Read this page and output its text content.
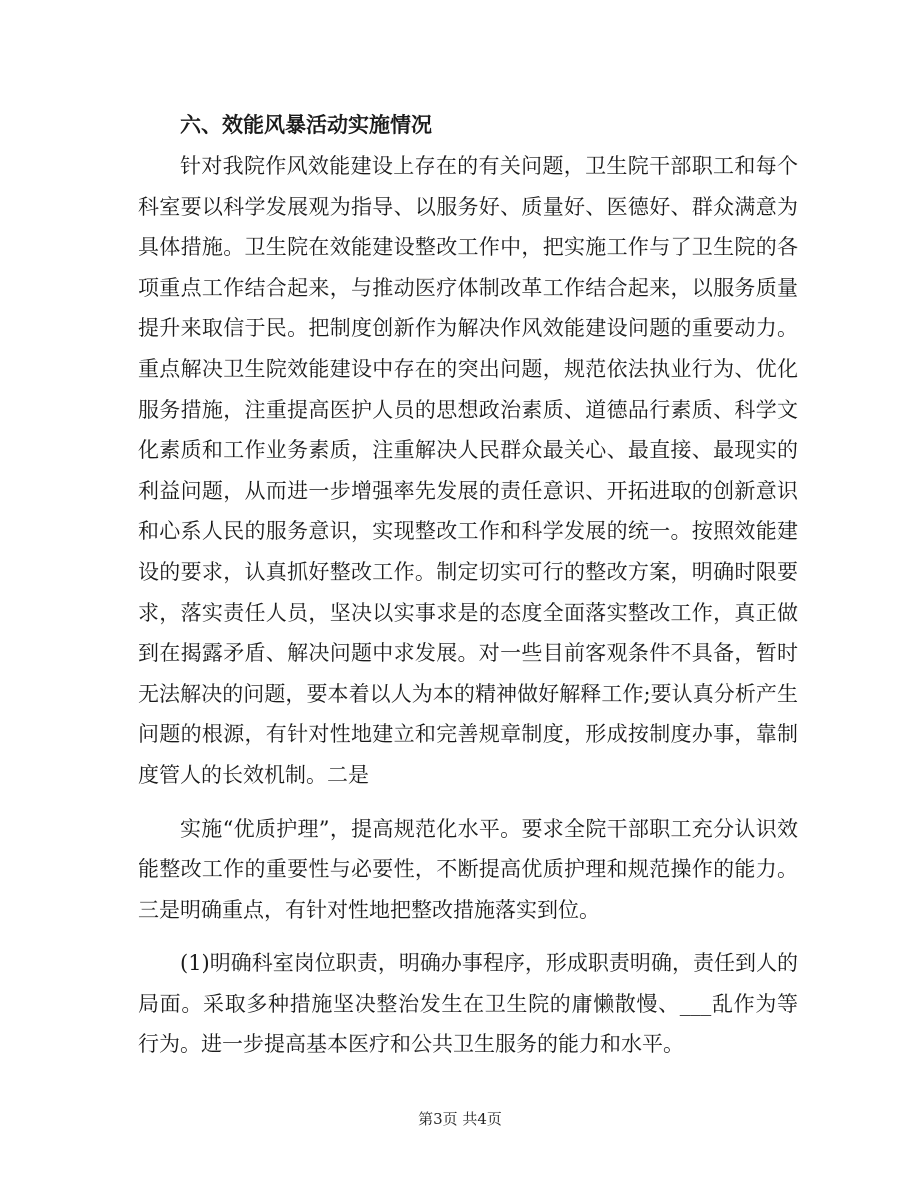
六、效能风暴活动实施情况

针对我院作风效能建设上存在的有关问题，卫生院干部职工和每个科室要以科学发展观为指导、以服务好、质量好、医德好、群众满意为具体措施。卫生院在效能建设整改工作中，把实施工作与了卫生院的各项重点工作结合起来，与推动医疗体制改革工作结合起来，以服务质量提升来取信于民。把制度创新作为解决作风效能建设问题的重要动力。重点解决卫生院效能建设中存在的突出问题，规范依法执业行为、优化服务措施，注重提高医护人员的思想政治素质、道德品行素质、科学文化素质和工作业务素质，注重解决人民群众最关心、最直接、最现实的利益问题，从而进一步增强率先发展的责任意识、开拓进取的创新意识和心系人民的服务意识，实现整改工作和科学发展的统一。按照效能建设的要求，认真抓好整改工作。制定切实可行的整改方案，明确时限要求，落实责任人员，坚决以实事求是的态度全面落实整改工作，真正做到在揭露矛盾、解决问题中求发展。对一些目前客观条件不具备，暂时无法解决的问题，要本着以人为本的精神做好解释工作;要认真分析产生问题的根源，有针对性地建立和完善规章制度，形成按制度办事，靠制度管人的长效机制。二是

实施“优质护理”，提高规范化水平。要求全院干部职工充分认识效能整改工作的重要性与必要性，不断提高优质护理和规范操作的能力。三是明确重点，有针对性地把整改措施落实到位。

(1)明确科室岗位职责，明确办事程序，形成职责明确，责任到人的局面。采取多种措施坚决整治发生在卫生院的庸懒散慢、___乱作为等行为。进一步提高基本医疗和公共卫生服务的能力和水平。

第3页 共4页
